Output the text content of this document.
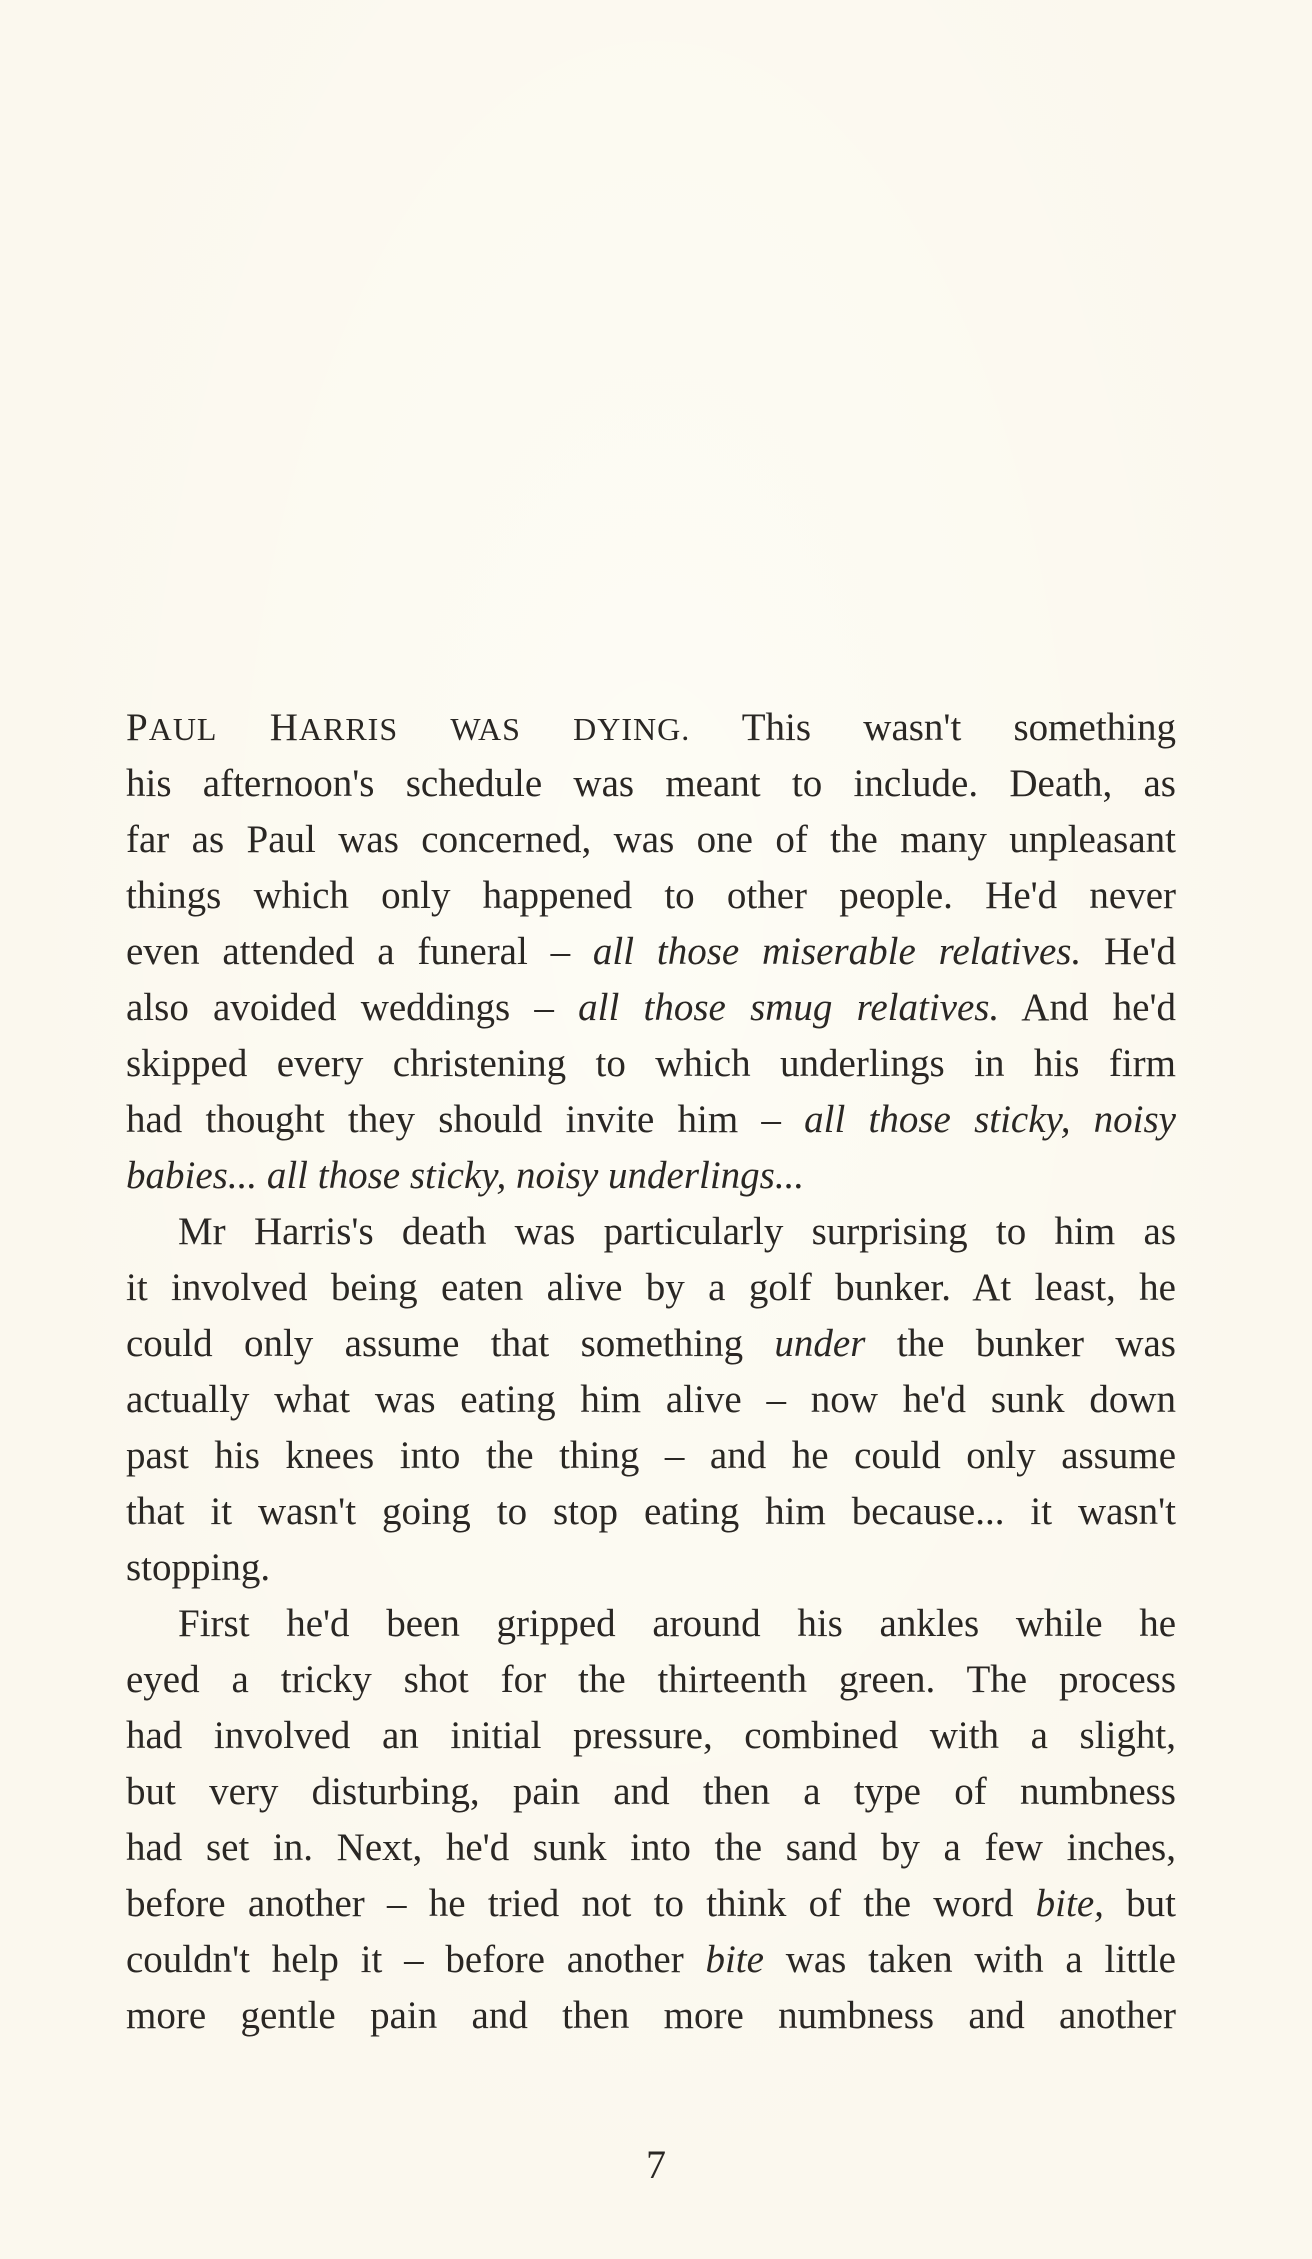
PAUL HARRIS WAS DYING. This wasn't something
his afternoon's schedule was meant to include. Death, as
far as Paul was concerned, was one of the many unpleasant
things which only happened to other people. He'd never
even attended a funeral – all those miserable relatives. He'd
also avoided weddings – all those smug relatives. And he'd
skipped every christening to which underlings in his firm
had thought they should invite him – all those sticky, noisy
babies... all those sticky, noisy underlings...
Mr Harris's death was particularly surprising to him as
it involved being eaten alive by a golf bunker. At least, he
could only assume that something under the bunker was
actually what was eating him alive – now he'd sunk down
past his knees into the thing – and he could only assume
that it wasn't going to stop eating him because... it wasn't
stopping.
First he'd been gripped around his ankles while he
eyed a tricky shot for the thirteenth green. The process
had involved an initial pressure, combined with a slight,
but very disturbing, pain and then a type of numbness
had set in. Next, he'd sunk into the sand by a few inches,
before another – he tried not to think of the word bite, but
couldn't help it – before another bite was taken with a little
more gentle pain and then more numbness and another
7
